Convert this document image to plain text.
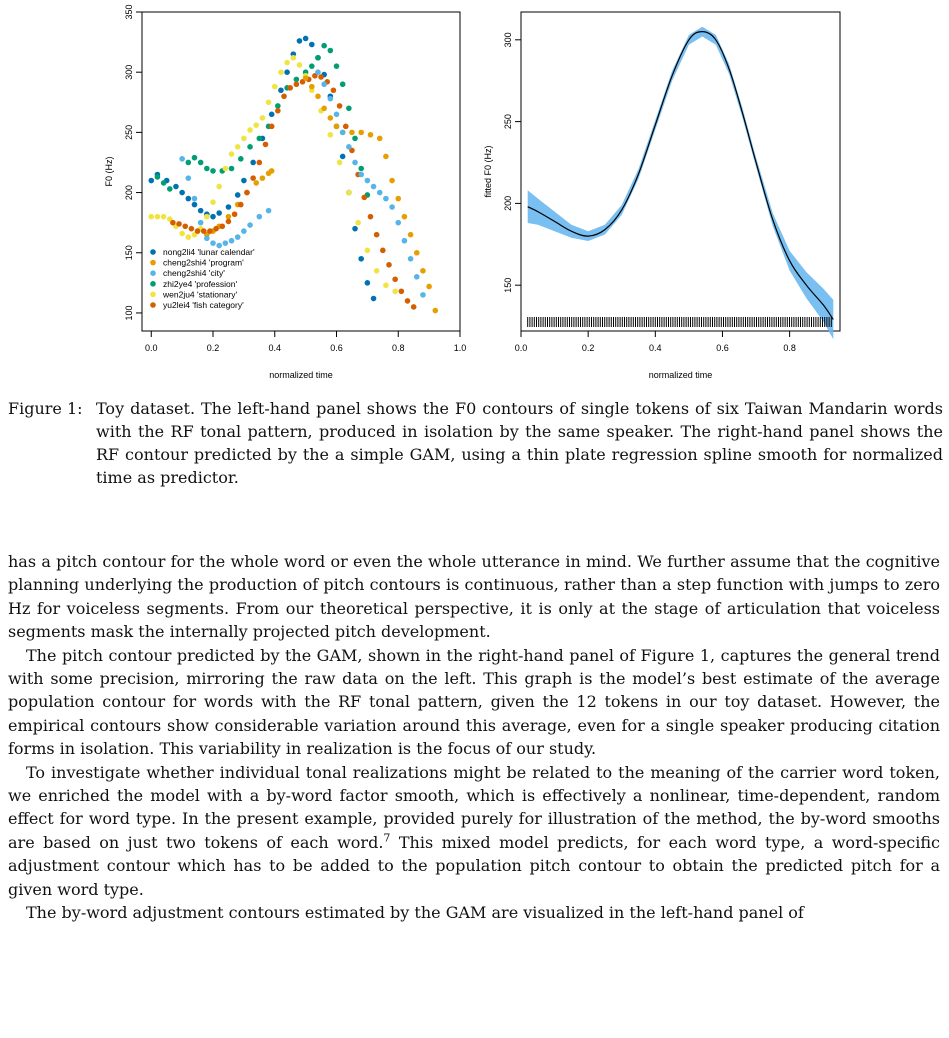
0.0	0.2	0.4	0.6	0.8	1.0
100
150
200
250
300
350
normalized time
F0 (Hz)
nong2li4 'lunar calendar'
cheng2shi4 'program'
cheng2shi4 'city'
zhi2ye4 'profession'
wen2ju4 'stationary'
yu2lei4 'fish category'
0.0	0.2	0.4	0.6	0.8
150
200
250
300
normalized time
fitted F0 (Hz)
Figure 1: Toy dataset. The left-hand panel shows the F0 contours of single tokens of six Taiwan Mandarin words with the RF tonal pattern, produced in isolation by the same speaker. The right-hand panel shows the RF contour predicted by the a simple GAM, using a thin plate regression spline smooth for normalized time as predictor.

has a pitch contour for the whole word or even the whole utterance in mind. We further assume that the cognitive planning underlying the production of pitch contours is continuous, rather than a step function with jumps to zero Hz for voiceless segments. From our theoretical perspective, it is only at the stage of articulation that voiceless segments mask the internally projected pitch development.

The pitch contour predicted by the GAM, shown in the right-hand panel of Figure 1, captures the general trend with some precision, mirroring the raw data on the left. This graph is the model’s best estimate of the average population contour for words with the RF tonal pattern, given the 12 tokens in our toy dataset. However, the empirical contours show considerable variation around this average, even for a single speaker producing citation forms in isolation. This variability in realization is the focus of our study.

To investigate whether individual tonal realizations might be related to the meaning of the carrier word token, we enriched the model with a by-word factor smooth, which is effectively a nonlinear, time-dependent, random effect for word type. In the present example, provided purely for illustration of the method, the by-word smooths are based on just two tokens of each word.$^7$ This mixed model predicts, for each word type, a word-specific adjustment contour which has to be added to the population pitch contour to obtain the predicted pitch for a given word type.

The by-word adjustment contours estimated by the GAM are visualized in the left-hand panel of
